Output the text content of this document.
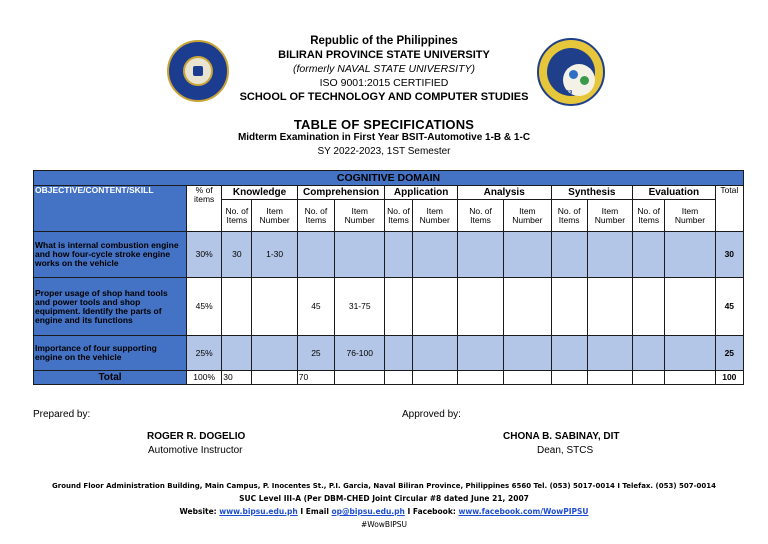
2019
Republic of the Philippines
BILIRAN PROVINCE STATE UNIVERSITY
(formerly NAVAL STATE UNIVERSITY)
ISO 9001:2015 CERTIFIED
SCHOOL OF TECHNOLOGY AND COMPUTER STUDIES
TABLE OF SPECIFICATIONS
Midterm Examination in First Year BSIT-Automotive 1-B & 1-C
SY 2022-2023, 1ST Semester
COGNITIVE DOMAIN														
OBJECTIVE/CONTENT/SKILL	% of items	Knowledge		Comprehension		Application		Analysis		Synthesis		Evaluation		Total
		No. of Items	Item Number	No. of Items	Item Number	No. of Items	Item Number	No. of Items	Item Number	No. of Items	Item Number	No. of Items	Item Number	
What is internal combustion engine and how four-cycle stroke engine works on the vehicle	30%	30	1-30											30
Proper usage of shop hand tools and power tools and shop equipment. Identify the parts of engine and its functions	45%			45	31-75									45
Importance of four supporting engine on the vehicle	25%			25	76-100									25
Total	100%	30		70										100
Prepared by:
ROGER R. DOGELIO
Automotive Instructor
Approved by:
CHONA B. SABINAY, DIT
Dean, STCS
Ground Floor Administration Building, Main Campus, P. Inocentes St., P.I. Garcia, Naval Biliran Province, Philippines 6560 Tel. (053) 5017-0014 I Telefax. (053) 507-0014
SUC Level III-A (Per DBM-CHED Joint Circular #8 dated June 21, 2007
Website: www.bipsu.edu.ph I Email op@bipsu.edu.ph I Facebook: www.facebook.com/WowPIPSU
#WowBIPSU
